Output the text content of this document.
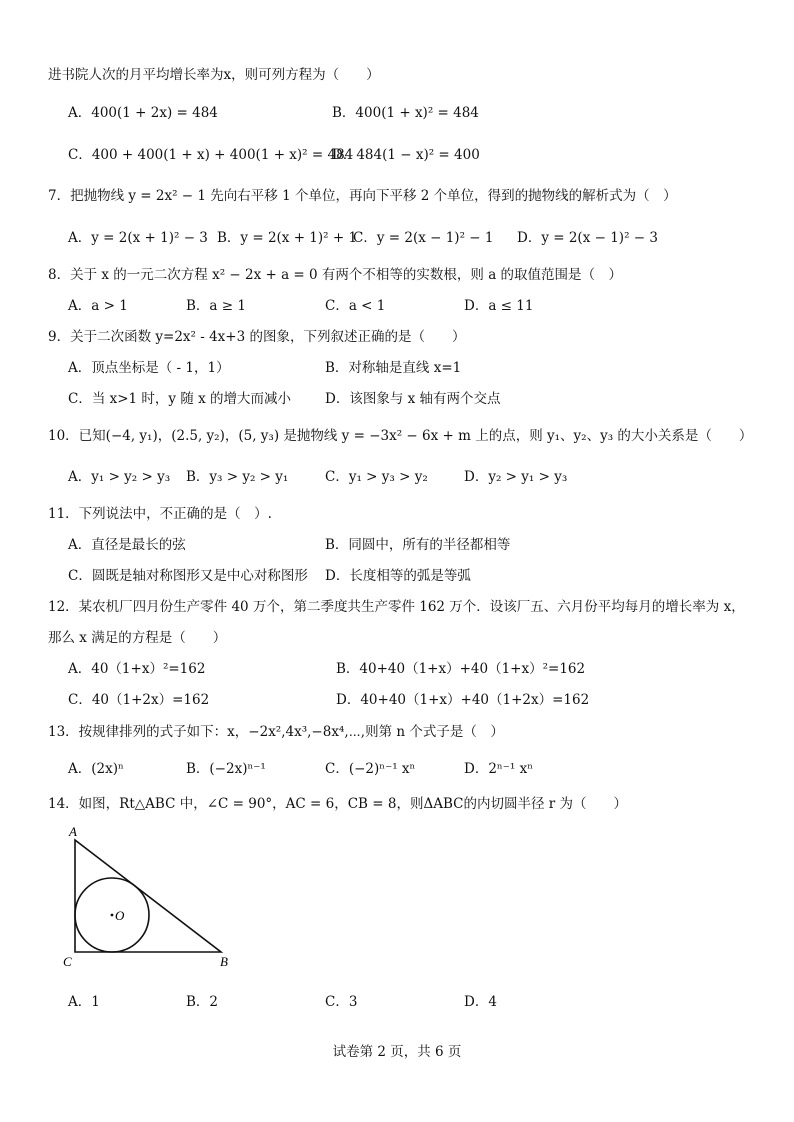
进书院人次的月平均增长率为x，则可列方程为（　　）
A．400(1 + 2x) = 484	B．400(1 + x)² = 484
C．400 + 400(1 + x) + 400(1 + x)² = 484
D．484(1 − x)² = 400
7．把抛物线 y = 2x² − 1 先向右平移 1 个单位，再向下平移 2 个单位，得到的抛物线的解析式为（　）
A．y = 2(x + 1)² − 3 B．y = 2(x + 1)² + 1
C．y = 2(x − 1)² − 1 D．y = 2(x − 1)² − 3
8．关于 x 的一元二次方程 x² − 2x + a = 0 有两个不相等的实数根，则 a 的取值范围是（　）
A．a > 1	B．a ≥ 1	C．a < 1	D．a ≤ 11
9．关于二次函数 y=2x² - 4x+3 的图象，下列叙述正确的是（　　）
A．顶点坐标是（ - 1，1）	B．对称轴是直线 x=1
C．当 x>1 时，y 随 x 的增大而减小	D．该图象与 x 轴有两个交点
10．已知(−4, y₁)，(2.5, y₂)，(5, y₃) 是抛物线 y = −3x² − 6x + m 上的点，则 y₁、y₂、y₃ 的大小关系是（　　）
A．y₁ > y₂ > y₃ B．y₃ > y₂ > y₁	C．y₁ > y₃ > y₂	D．y₂ > y₁ > y₃
11．下列说法中，不正确的是（　）.
A．直径是最长的弦	B．同圆中，所有的半径都相等
C．圆既是轴对称图形又是中心对称图形 D．长度相等的弧是等弧
12．某农机厂四月份生产零件 40 万个，第二季度共生产零件 162 万个．设该厂五、六月份平均每月的增长率为 x，
那么 x 满足的方程是（　　）
A．40（1+x）²=162	B．40+40（1+x）+40（1+x）²=162
C．40（1+2x）=162	D．40+40（1+x）+40（1+2x）=162
13．按规律排列的式子如下：x，−2x²,4x³,−8x⁴,⋯,则第 n 个式子是（　）
A．(2x)ⁿ	B．(−2x)ⁿ⁻¹	C．(−2)ⁿ⁻¹ xⁿ	D．2ⁿ⁻¹ xⁿ
14．如图，Rt△ABC 中，∠C = 90°，AC = 6，CB = 8，则ΔABC的内切圆半径 r 为（　　）
A
C	B
O
A．1	B．2	C．3	D．4
试卷第 2 页，共 6 页
